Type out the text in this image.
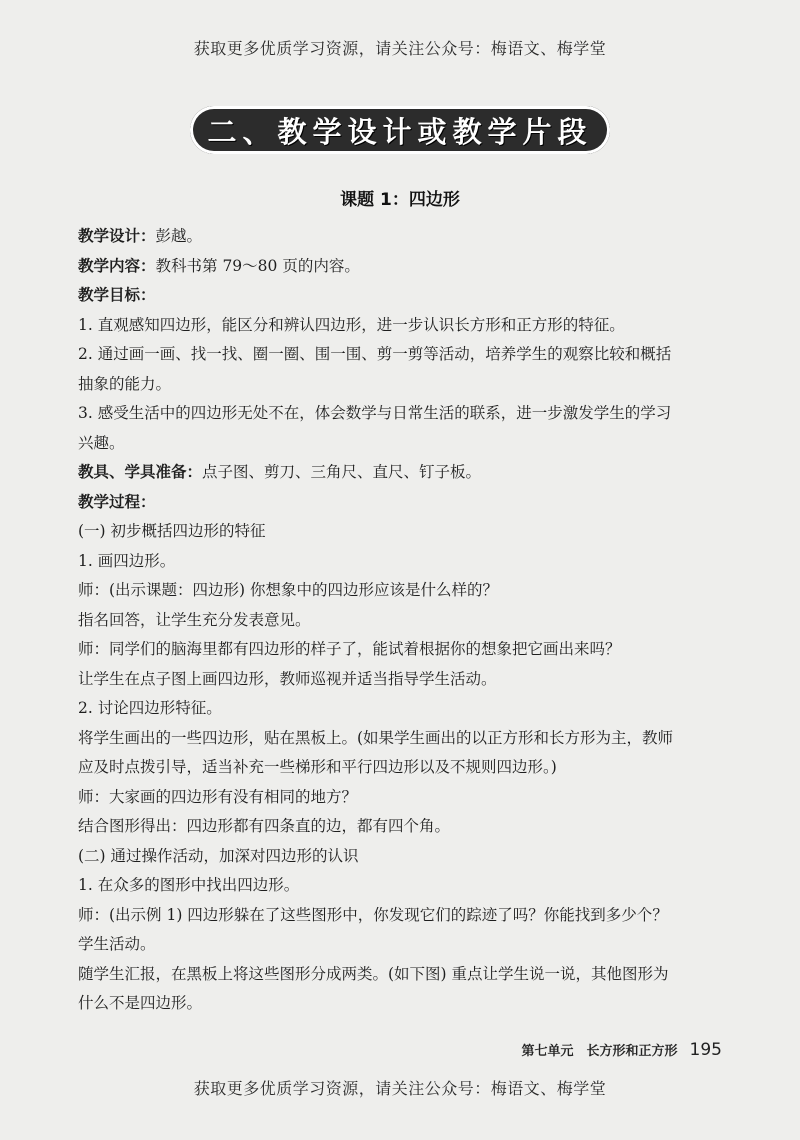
获取更多优质学习资源，请关注公众号：梅语文、梅学堂
二、教学设计或教学片段
课题 1：四边形
教学设计：彭越。
教学内容：教科书第 79～80 页的内容。
教学目标：
1. 直观感知四边形，能区分和辨认四边形，进一步认识长方形和正方形的特征。
2. 通过画一画、找一找、圈一圈、围一围、剪一剪等活动，培养学生的观察比较和概括
抽象的能力。
3. 感受生活中的四边形无处不在，体会数学与日常生活的联系，进一步激发学生的学习
兴趣。
教具、学具准备：点子图、剪刀、三角尺、直尺、钉子板。
教学过程：
(一) 初步概括四边形的特征
1. 画四边形。
师：(出示课题：四边形) 你想象中的四边形应该是什么样的？
指名回答，让学生充分发表意见。
师：同学们的脑海里都有四边形的样子了，能试着根据你的想象把它画出来吗？
让学生在点子图上画四边形，教师巡视并适当指导学生活动。
2. 讨论四边形特征。
将学生画出的一些四边形，贴在黑板上。(如果学生画出的以正方形和长方形为主，教师
应及时点拨引导，适当补充一些梯形和平行四边形以及不规则四边形。)
师：大家画的四边形有没有相同的地方？
结合图形得出：四边形都有四条直的边，都有四个角。
(二) 通过操作活动，加深对四边形的认识
1. 在众多的图形中找出四边形。
师：(出示例 1) 四边形躲在了这些图形中，你发现它们的踪迹了吗？你能找到多少个？
学生活动。
随学生汇报，在黑板上将这些图形分成两类。(如下图) 重点让学生说一说，其他图形为
什么不是四边形。
第七单元　长方形和正方形 195
获取更多优质学习资源，请关注公众号：梅语文、梅学堂
